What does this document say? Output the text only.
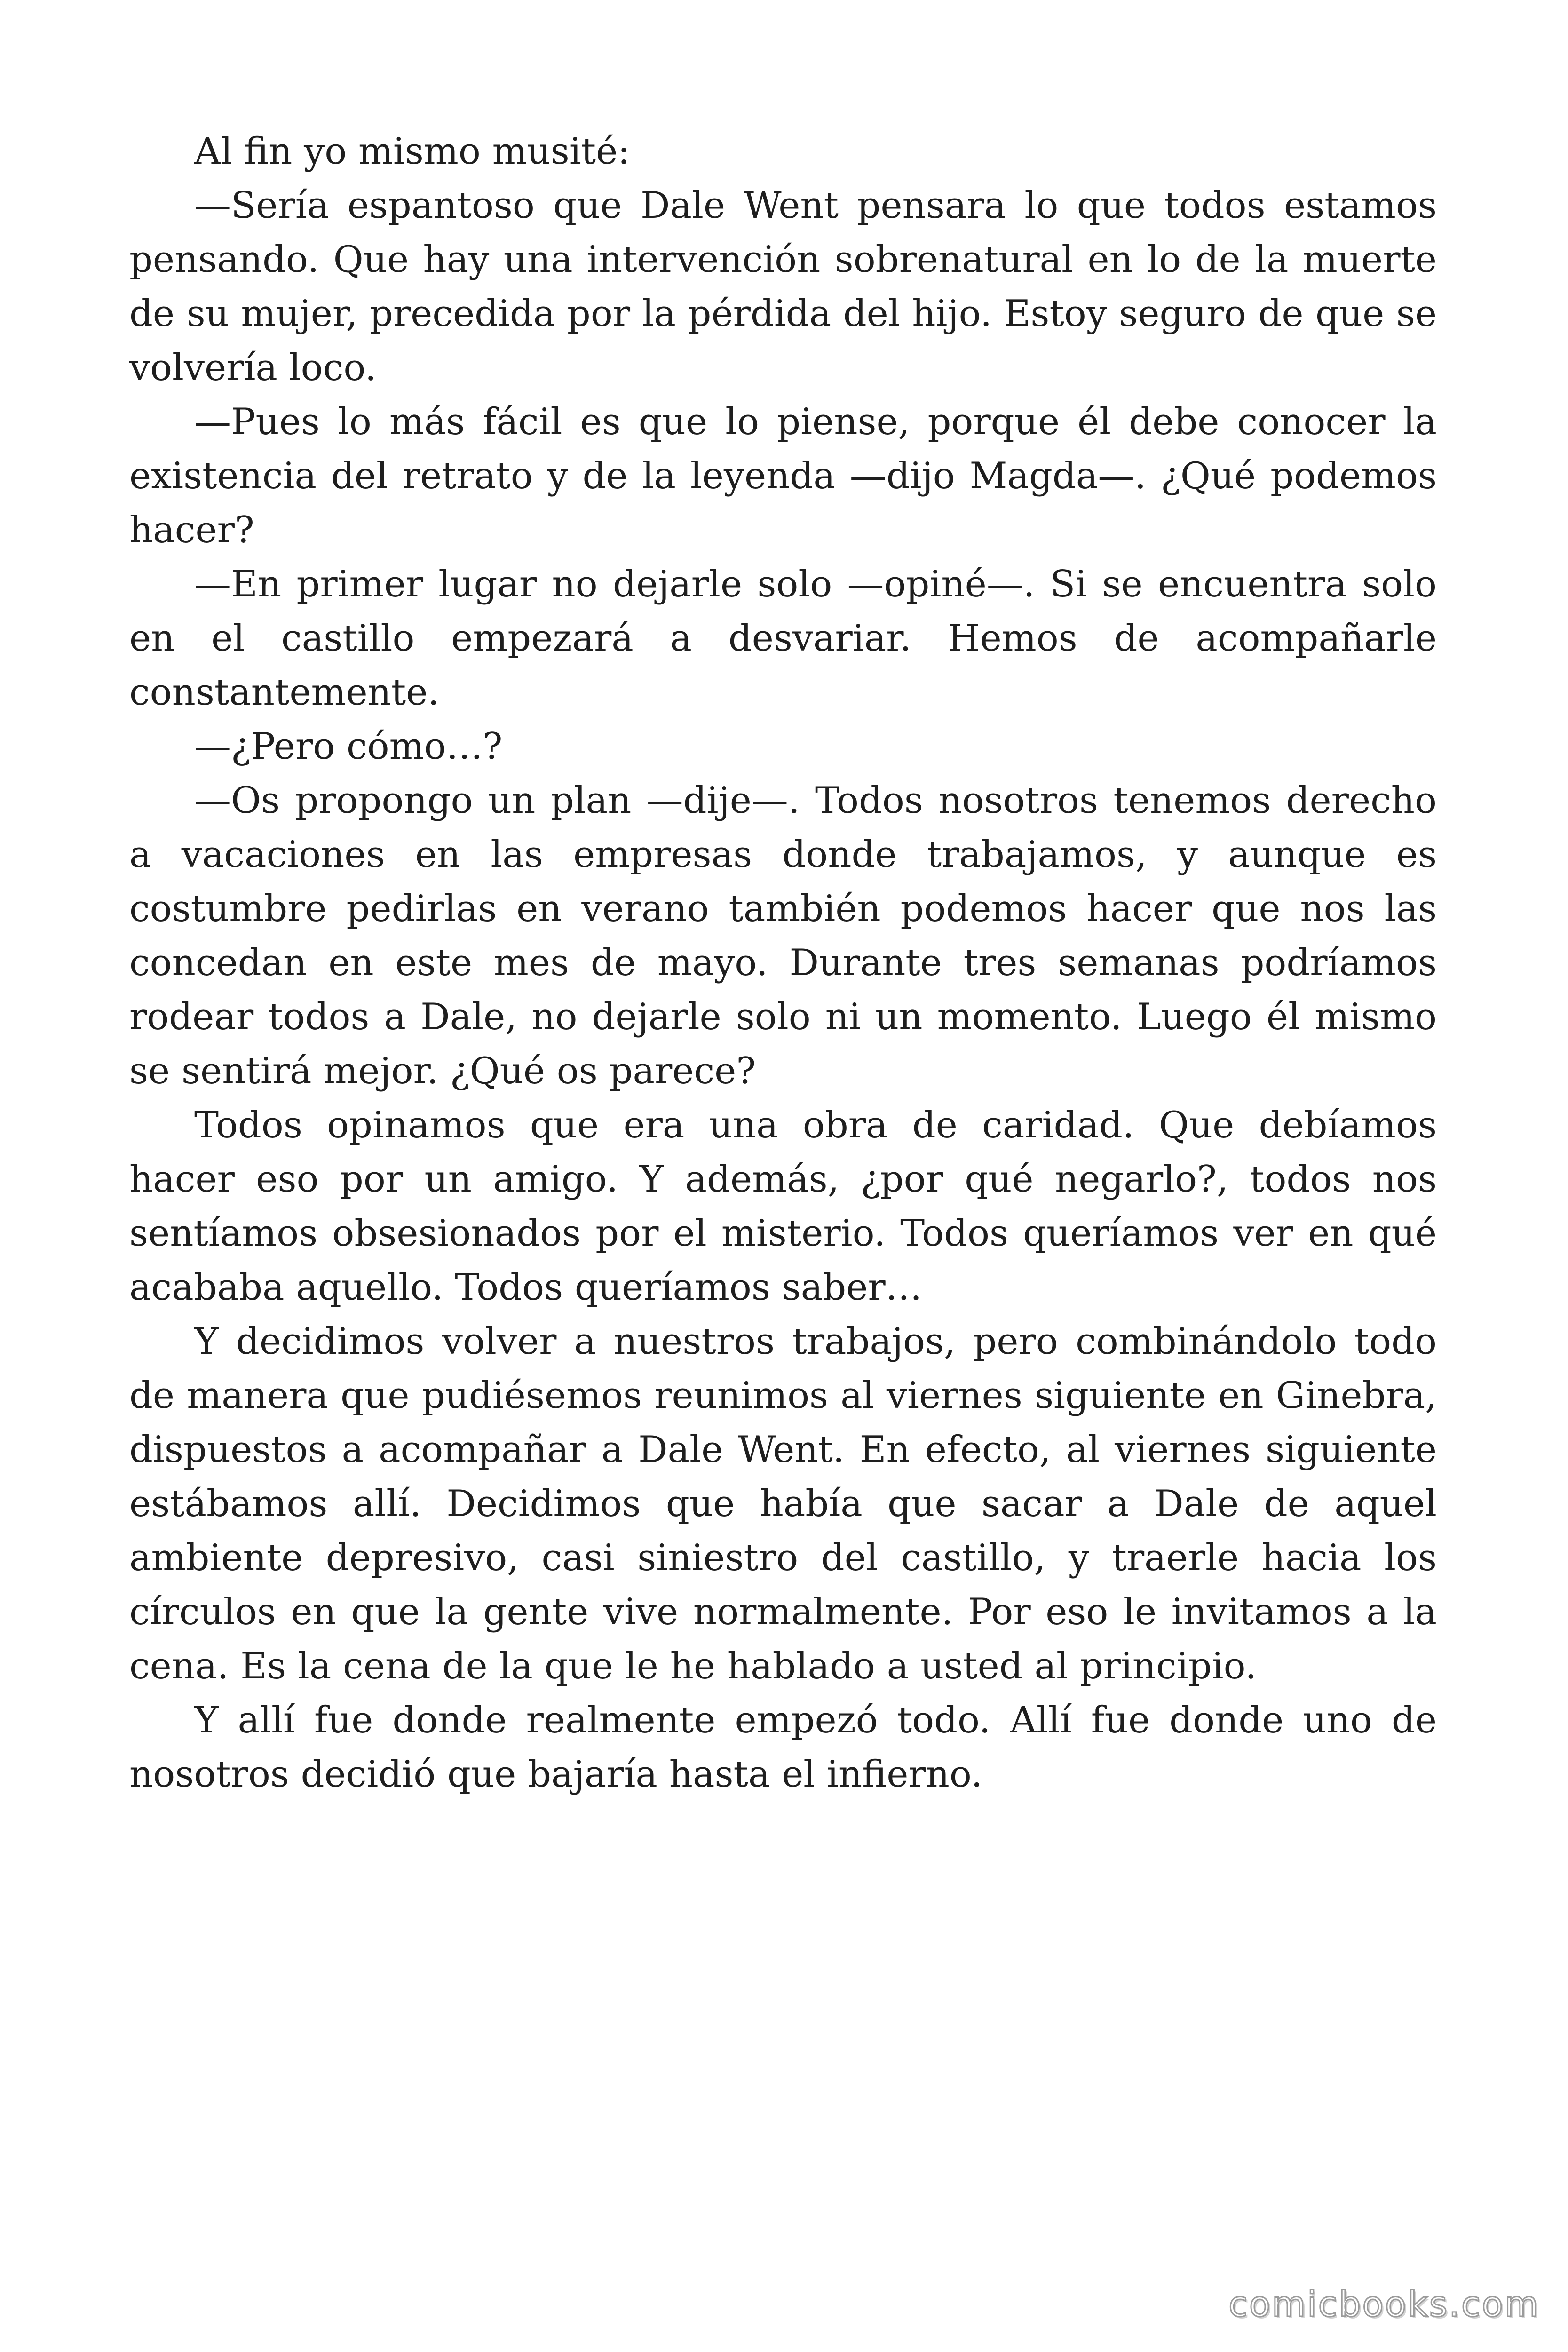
Al fin yo mismo musité:

—Sería espantoso que Dale Went pensara lo que todos estamos pensando. Que hay una intervención sobrenatural en lo de la muerte de su mujer, precedida por la pérdida del hijo. Estoy seguro de que se volvería loco.

—Pues lo más fácil es que lo piense, porque él debe conocer la existencia del retrato y de la leyenda —dijo Magda—. ¿Qué podemos hacer?

—En primer lugar no dejarle solo —opiné—. Si se encuentra solo en el castillo empezará a desvariar. Hemos de acompañarle constantemente.

—¿Pero cómo…?

—Os propongo un plan —dije—. Todos nosotros tenemos derecho a vacaciones en las empresas donde trabajamos, y aunque es costumbre pedirlas en verano también podemos hacer que nos las concedan en este mes de mayo. Durante tres semanas podríamos rodear todos a Dale, no dejarle solo ni un momento. Luego él mismo se sentirá mejor. ¿Qué os parece?

Todos opinamos que era una obra de caridad. Que debíamos hacer eso por un amigo. Y además, ¿por qué negarlo?, todos nos sentíamos obsesionados por el misterio. Todos queríamos ver en qué acababa aquello. Todos queríamos saber…

Y decidimos volver a nuestros trabajos, pero combinándolo todo de manera que pudiésemos reunimos al viernes siguiente en Ginebra, dispuestos a acompañar a Dale Went. En efecto, al viernes siguiente estábamos allí. Decidimos que había que sacar a Dale de aquel ambiente depresivo, casi siniestro del castillo, y traerle hacia los círculos en que la gente vive normalmente. Por eso le invitamos a la cena. Es la cena de la que le he hablado a usted al principio.

Y allí fue donde realmente empezó todo. Allí fue donde uno de nosotros decidió que bajaría hasta el infierno.

comicbooks.com
